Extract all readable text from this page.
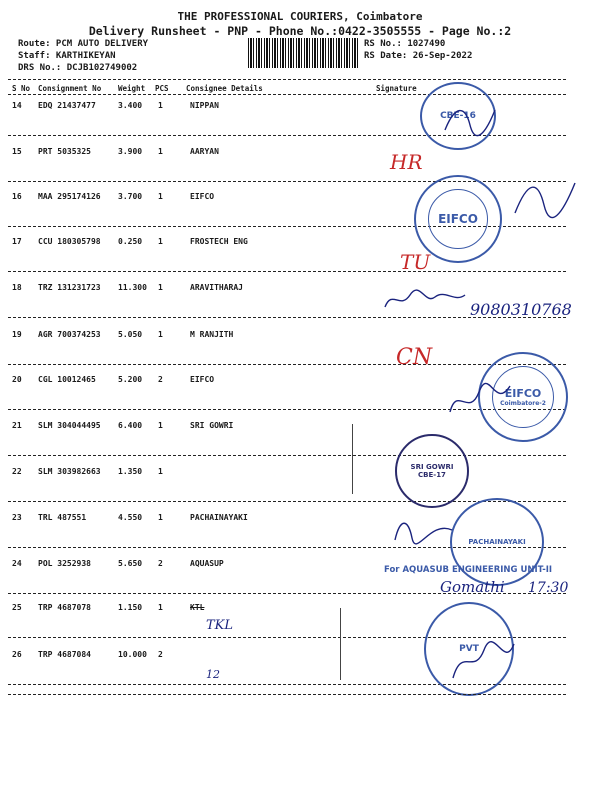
THE PROFESSIONAL COURIERS, Coimbatore
Delivery Runsheet - PNP - Phone No.:0422-3505555 - Page No.:2
Route: PCM AUTO DELIVERY
Staff: KARTHIKEYAN
DRS No.: DCJB102749002
RS No.: 1027490
RS Date: 26-Sep-2022
S No Consignment No Weight PCS Consignee Details	Signature
14 EDQ 21437477	3.400 1	NIPPAN
15 PRT 5035325	3.900 1	AARYAN
16 MAA 295174126 3.700 1	EIFCO
17 CCU 180305798 0.250 1	FROSTECH ENG
18 TRZ 131231723 11.300 1	ARAVITHARAJ
19 AGR 700374253 5.050 1	M RANJITH
20 CGL 10012465	5.200 2	EIFCO
21 SLM 304044495 6.400 1	SRI GOWRI
22 SLM 303982663 1.350 1
23 TRL 487551	4.550 1	PACHAINAYAKI
24 POL 3252938	5.650 2	AQUASUP
25 TRP 4687078	1.150 1	KTL
26 TRP 4687084	10.000 2
CBE-16
EIFCO
EIFCO
Coimbatore-2
SRI GOWRI
CBE-17
PACHAINAYAKI
For AQUASUB ENGINEERING UNIT-II
PVT
HR
TU
9080310768
CN
Gomathi 17:30
TKL
12
